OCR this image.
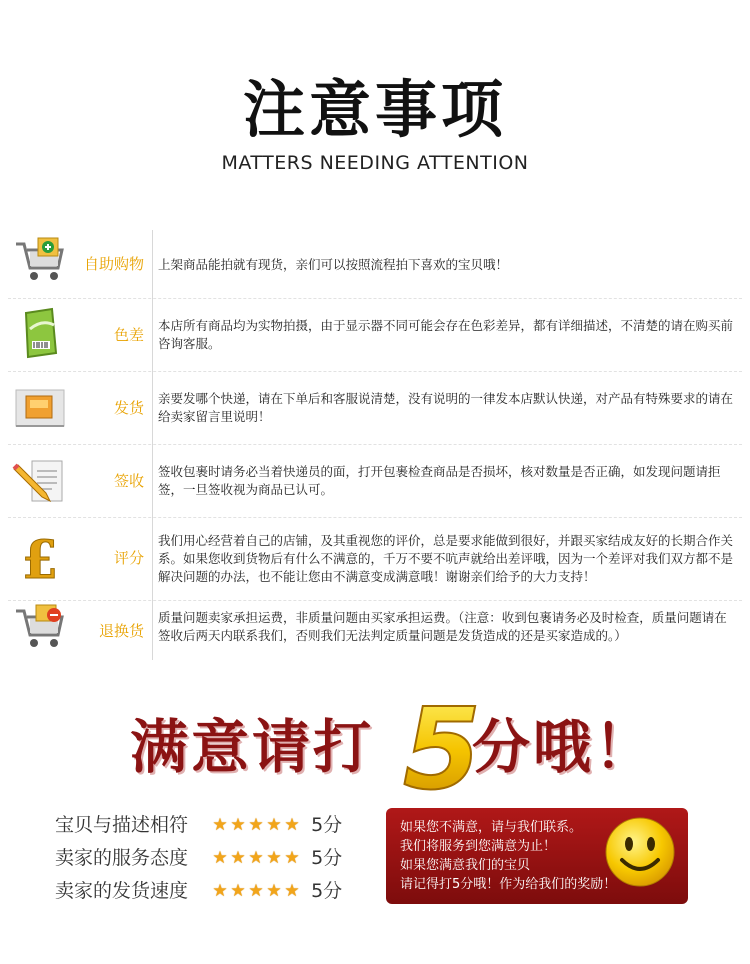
注意事项
MATTERS NEEDING ATTENTION
自助购物 上架商品能拍就有现货，亲们可以按照流程拍下喜欢的宝贝哦！
色差
本店所有商品均为实物拍摄，由于显示器不同可能会存在色彩差异，都有详细描述，不清楚的请在购买前咨询客服。
发货
亲要发哪个快递，请在下单后和客服说清楚，没有说明的一律发本店默认快递，对产品有特殊要求的请在给卖家留言里说明！
签收
签收包裹时请务必当着快递员的面，打开包裹检查商品是否损坏，核对数量是否正确，如发现问题请拒签，一旦签收视为商品已认可。
£	评分
我们用心经营着自己的店铺，及其重视您的评价，总是要求能做到很好，并跟买家结成友好的长期合作关系。如果您收到货物后有什么不满意的，千万不要不吭声就给出差评哦，因为一个差评对我们双方都不是解决问题的办法，也不能让您由不满意变成满意哦！谢谢亲们给予的大力支持！
退换货
质量问题卖家承担运费，非质量问题由买家承担运费。（注意：收到包裹请务必及时检查，质量问题请在签收后两天内联系我们，否则我们无法判定质量问题是发货造成的还是买家造成的。）
满意请打 分哦！
5
宝贝与描述相符 ★ ★ ★ ★ ★ 5分
卖家的服务态度 ★ ★ ★ ★ ★ 5分
卖家的发货速度 ★ ★ ★ ★ ★ 5分
如果您不满意，请与我们联系。
我们将服务到您满意为止！
如果您满意我们的宝贝
请记得打5分哦！作为给我们的奖励！
